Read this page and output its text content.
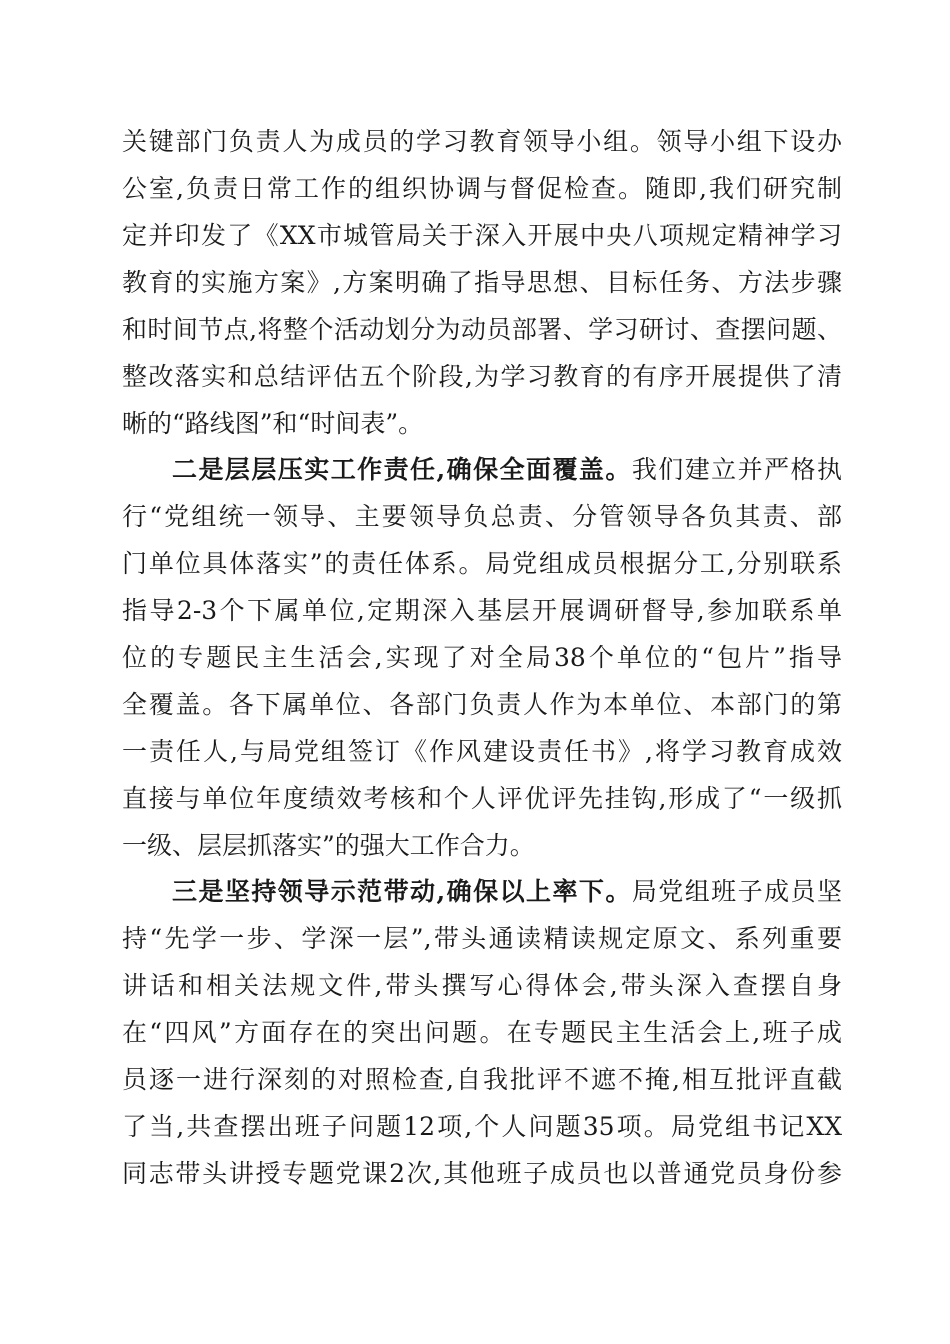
关键部门负责人为成员的学习教育领导小组。领导小组下设办
公室,负责日常工作的组织协调与督促检查。随即,我们研究制
定并印发了《XX市城管局关于深入开展中央八项规定精神学习
教育的实施方案》,方案明确了指导思想、目标任务、方法步骤
和时间节点,将整个活动划分为动员部署、学习研讨、查摆问题、
整改落实和总结评估五个阶段,为学习教育的有序开展提供了清
晰的“路线图”和“时间表”。
二是层层压实工作责任,确保全面覆盖。我们建立并严格执
行“党组统一领导、主要领导负总责、分管领导各负其责、部
门单位具体落实”的责任体系。局党组成员根据分工,分别联系
指导2-3个下属单位,定期深入基层开展调研督导,参加联系单
位的专题民主生活会,实现了对全局38个单位的“包片”指导
全覆盖。各下属单位、各部门负责人作为本单位、本部门的第
一责任人,与局党组签订《作风建设责任书》,将学习教育成效
直接与单位年度绩效考核和个人评优评先挂钩,形成了“一级抓
一级、层层抓落实”的强大工作合力。
三是坚持领导示范带动,确保以上率下。局党组班子成员坚
持“先学一步、学深一层”,带头通读精读规定原文、系列重要
讲话和相关法规文件,带头撰写心得体会,带头深入查摆自身
在“四风”方面存在的突出问题。在专题民主生活会上,班子成
员逐一进行深刻的对照检查,自我批评不遮不掩,相互批评直截
了当,共查摆出班子问题12项,个人问题35项。局党组书记XX
同志带头讲授专题党课2次,其他班子成员也以普通党员身份参
